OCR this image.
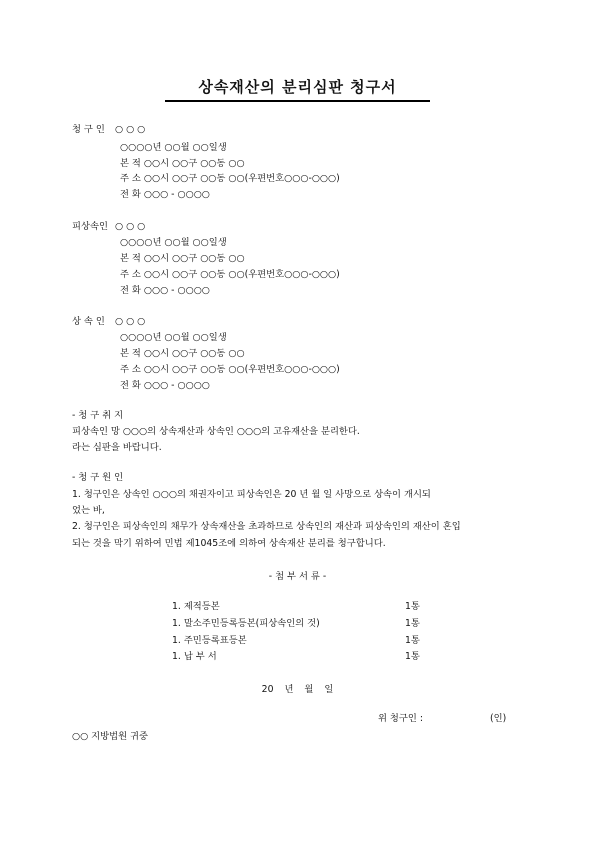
상속재산의 분리심판 청구서
청 구 인 ○ ○ ○
○○○○년 ○○월 ○○일생
본 적 ○○시 ○○구 ○○동 ○○
주 소 ○○시 ○○구 ○○동 ○○(우편번호○○○-○○○)
전 화 ○○○ - ○○○○
피상속인 ○ ○ ○
○○○○년 ○○월 ○○일생
본 적 ○○시 ○○구 ○○동 ○○
주 소 ○○시 ○○구 ○○동 ○○(우편번호○○○-○○○)
전 화 ○○○ - ○○○○
상 속 인 ○ ○ ○
○○○○년 ○○월 ○○일생
본 적 ○○시 ○○구 ○○동 ○○
주 소 ○○시 ○○구 ○○동 ○○(우편번호○○○-○○○)
전 화 ○○○ - ○○○○
- 청 구 취 지
피상속인 망 ○○○의 상속재산과 상속인 ○○○의 고유재산을 분리한다.
라는 심판을 바랍니다.
- 청 구 원 인
1. 청구인은 상속인 ○○○의 채권자이고 피상속인은 20 년 월 일 사망으로 상속이 개시되
었는 바,
2. 청구인은 피상속인의 채무가 상속재산을 초과하므로 상속인의 재산과 피상속인의 재산이 혼입
되는 것을 막기 위하여 민법 제1045조에 의하여 상속재산 분리를 청구합니다.
- 첨 부 서 류 -
1. 제적등본	1통
1. 말소주민등록등본(피상속인의 것)	1통
1. 주민등록표등본	1통
1. 납 부 서	1통
20 년 월 일
위 청구인 :	(인)
○○ 지방법원 귀중
